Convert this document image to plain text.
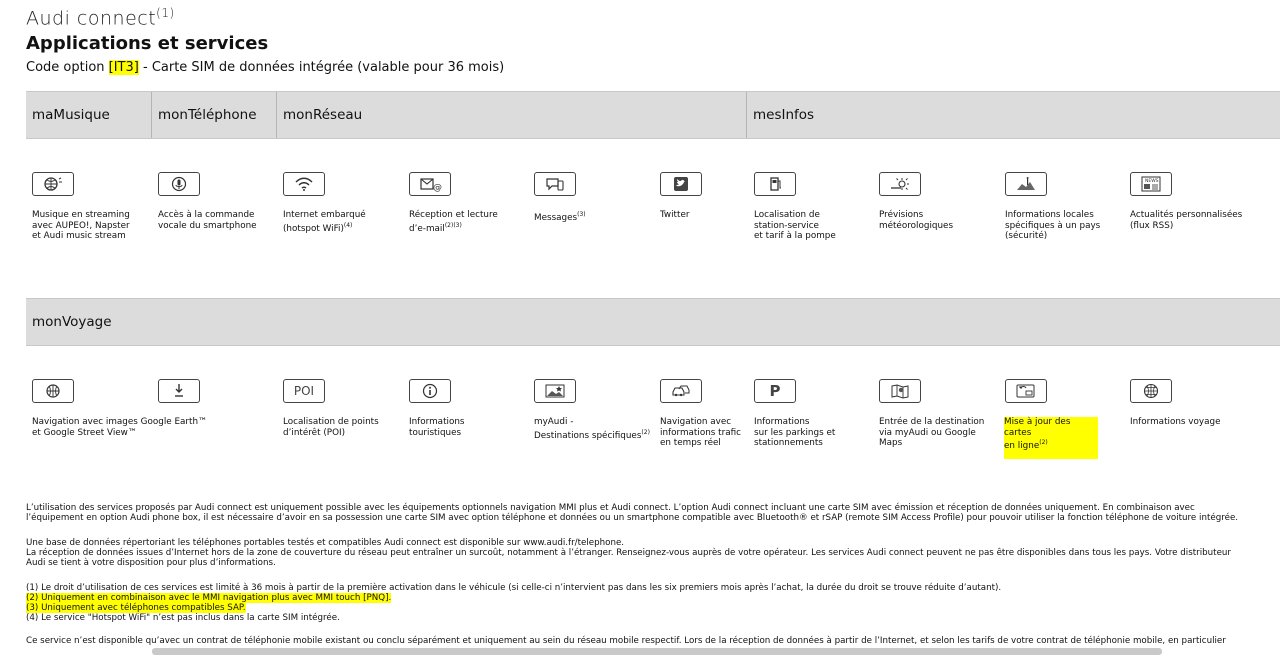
Audi connect$^{(1)}$
Applications et services
Code option [IT3] - Carte SIM de données intégrée (valable pour 36 mois)
maMusique	monTéléphone	monRéseau	mesInfos
@
NEWS
Musique en streaming
avec AUPEO!, Napster
et Audi music stream
Accès à la commande
vocale du smartphone
Internet embarqué
(hotspot WiFi)$^{(4)}$
Réception et lecture
d’e-mail$^{(2)(3)}$
Messages$^{(3)}$	Twitter	Localisation de
station-service
et tarif à la pompe
Prévisions
météorologiques
Informations locales
spécifiques à un pays
(sécurité)
Actualités personnalisées
(flux RSS)
monVoyage
POI	P
Navigation avec images Google Earth™
et Google Street View™
Localisation de points
d’intérêt (POI)
Informations
touristiques
myAudi -
Destinations spécifiques$^{(2)}$
Navigation avec
informations trafic
en temps réel
Informations
sur les parkings et
stationnements
Entrée de la destination
via myAudi ou Google
Maps
Mise à jour des cartes
en ligne$^{(2)}$
Informations voyage
L’utilisation des services proposés par Audi connect est uniquement possible avec les équipements optionnels navigation MMI plus et Audi connect. L’option Audi connect incluant une carte SIM avec émission et réception de données uniquement. En combinaison avec
l’équipement en option Audi phone box, il est nécessaire d’avoir en sa possession une carte SIM avec option téléphone et données ou un smartphone compatible avec Bluetooth® et rSAP (remote SIM Access Profile) pour pouvoir utiliser la fonction téléphone de voiture intégrée.
Une base de données répertoriant les téléphones portables testés et compatibles Audi connect est disponible sur www.audi.fr/telephone.
La réception de données issues d’Internet hors de la zone de couverture du réseau peut entraîner un surcoût, notamment à l’étranger. Renseignez-vous auprès de votre opérateur. Les services Audi connect peuvent ne pas être disponibles dans tous les pays. Votre distributeur
Audi se tient à votre disposition pour plus d’informations.
(1) Le droit d’utilisation de ces services est limité à 36 mois à partir de la première activation dans le véhicule (si celle-ci n’intervient pas dans les six premiers mois après l’achat, la durée du droit se trouve réduite d’autant).
(2) Uniquement en combinaison avec le MMI navigation plus avec MMI touch [PNQ].
(3) Uniquement avec téléphones compatibles SAP.
(4) Le service "Hotspot WiFi" n’est pas inclus dans la carte SIM intégrée.
Ce service n’est disponible qu’avec un contrat de téléphonie mobile existant ou conclu séparément et uniquement au sein du réseau mobile respectif. Lors de la réception de données à partir de l’Internet, et selon les tarifs de votre contrat de téléphonie mobile, en particulier
